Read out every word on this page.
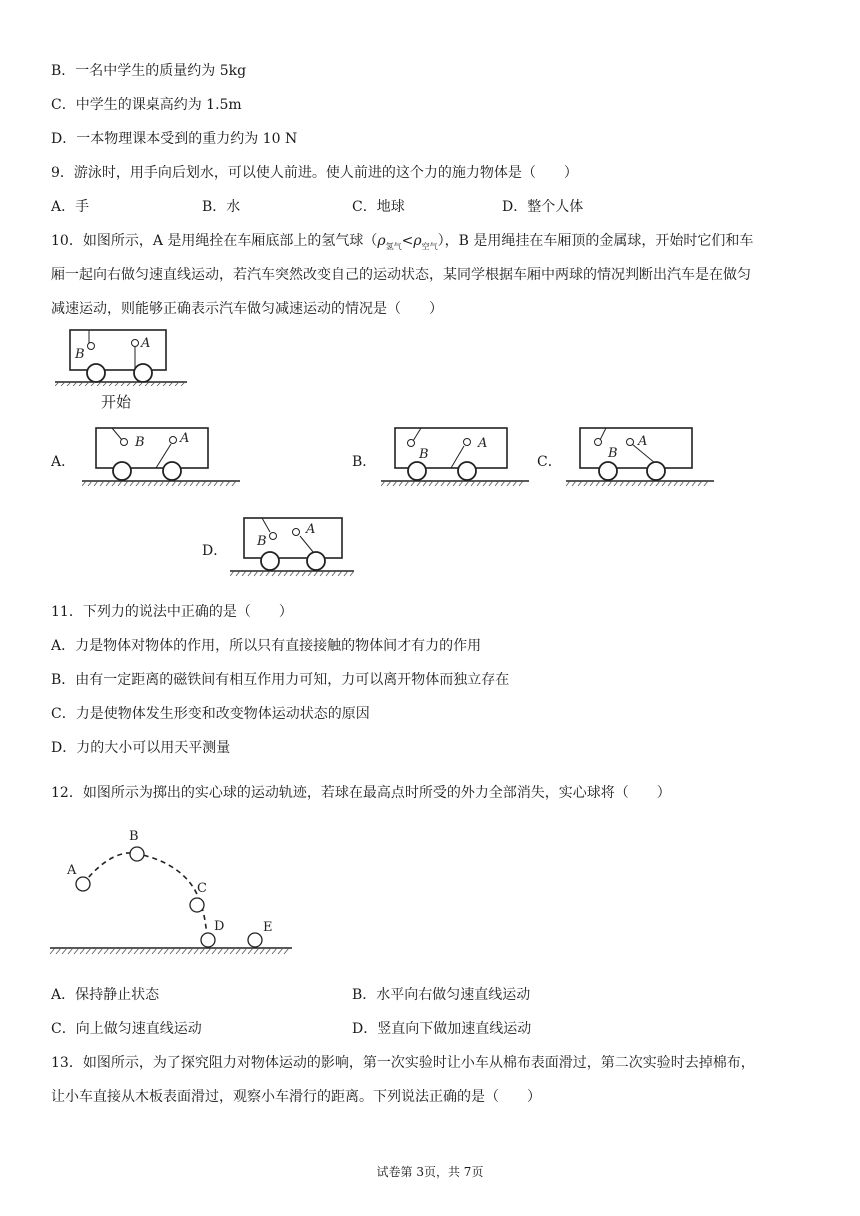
B．一名中学生的质量约为 5kg
C．中学生的课桌高约为 1.5m
D．一本物理课本受到的重力约为 10 N
9．游泳时，用手向后划水，可以使人前进。使人前进的这个力的施力物体是（　　）
A．手	B．水	C．地球	D．整个人体
10．如图所示，A 是用绳拴在车厢底部上的氢气球$(\rho_{氢气}<\rho_{空气})$，B 是用绳挂在车厢顶的金属球，开始时它们和车
厢一起向右做匀速直线运动，若汽车突然改变自己的运动状态，某同学根据车厢中两球的情况判断出汽车是在做匀
减速运动，则能够正确表示汽车做匀减速运动的情况是（　　）
B
A
开始
A．	B．	C．
D．
B	A
B
A
B
A
B
A
11．下列力的说法中正确的是（　　）
A．力是物体对物体的作用，所以只有直接接触的物体间才有力的作用
B．由有一定距离的磁铁间有相互作用力可知，力可以离开物体而独立存在
C．力是使物体发生形变和改变物体运动状态的原因
D．力的大小可以用天平测量
12．如图所示为掷出的实心球的运动轨迹，若球在最高点时所受的外力全部消失，实心球将（　　）
A
B
C
D	E
A．保持静止状态	B．水平向右做匀速直线运动
C．向上做匀速直线运动	D．竖直向下做加速直线运动
13．如图所示，为了探究阻力对物体运动的影响，第一次实验时让小车从棉布表面滑过，第二次实验时去掉棉布，
让小车直接从木板表面滑过，观察小车滑行的距离。下列说法正确的是（　　）
试卷第 3页，共 7页
